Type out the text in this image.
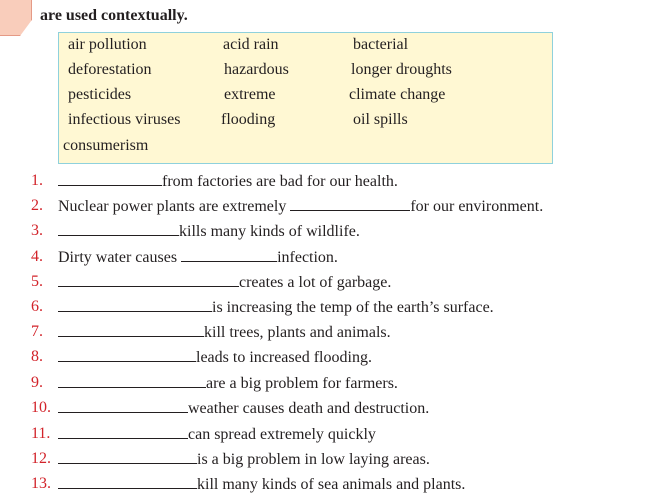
are used contextually.
air pollution	acid rain	bacterial
deforestation	hazardous	longer droughts
pesticides	extreme	climate change
infectious viruses	flooding	oil spills
consumerism
1.	from factories are bad for our health.
2. Nuclear power plants are extremely	for our environment.
3.	kills many kinds of wildlife.
4. Dirty water causes	infection.
5.	creates a lot of garbage.
6.	is increasing the temp of the earth’s surface.
7.	kill trees, plants and animals.
8.	leads to increased flooding.
9.	are a big problem for farmers.
10.	weather causes death and destruction.
11.	can spread extremely quickly
12.	is a big problem in low laying areas.
13.	kill many kinds of sea animals and plants.
